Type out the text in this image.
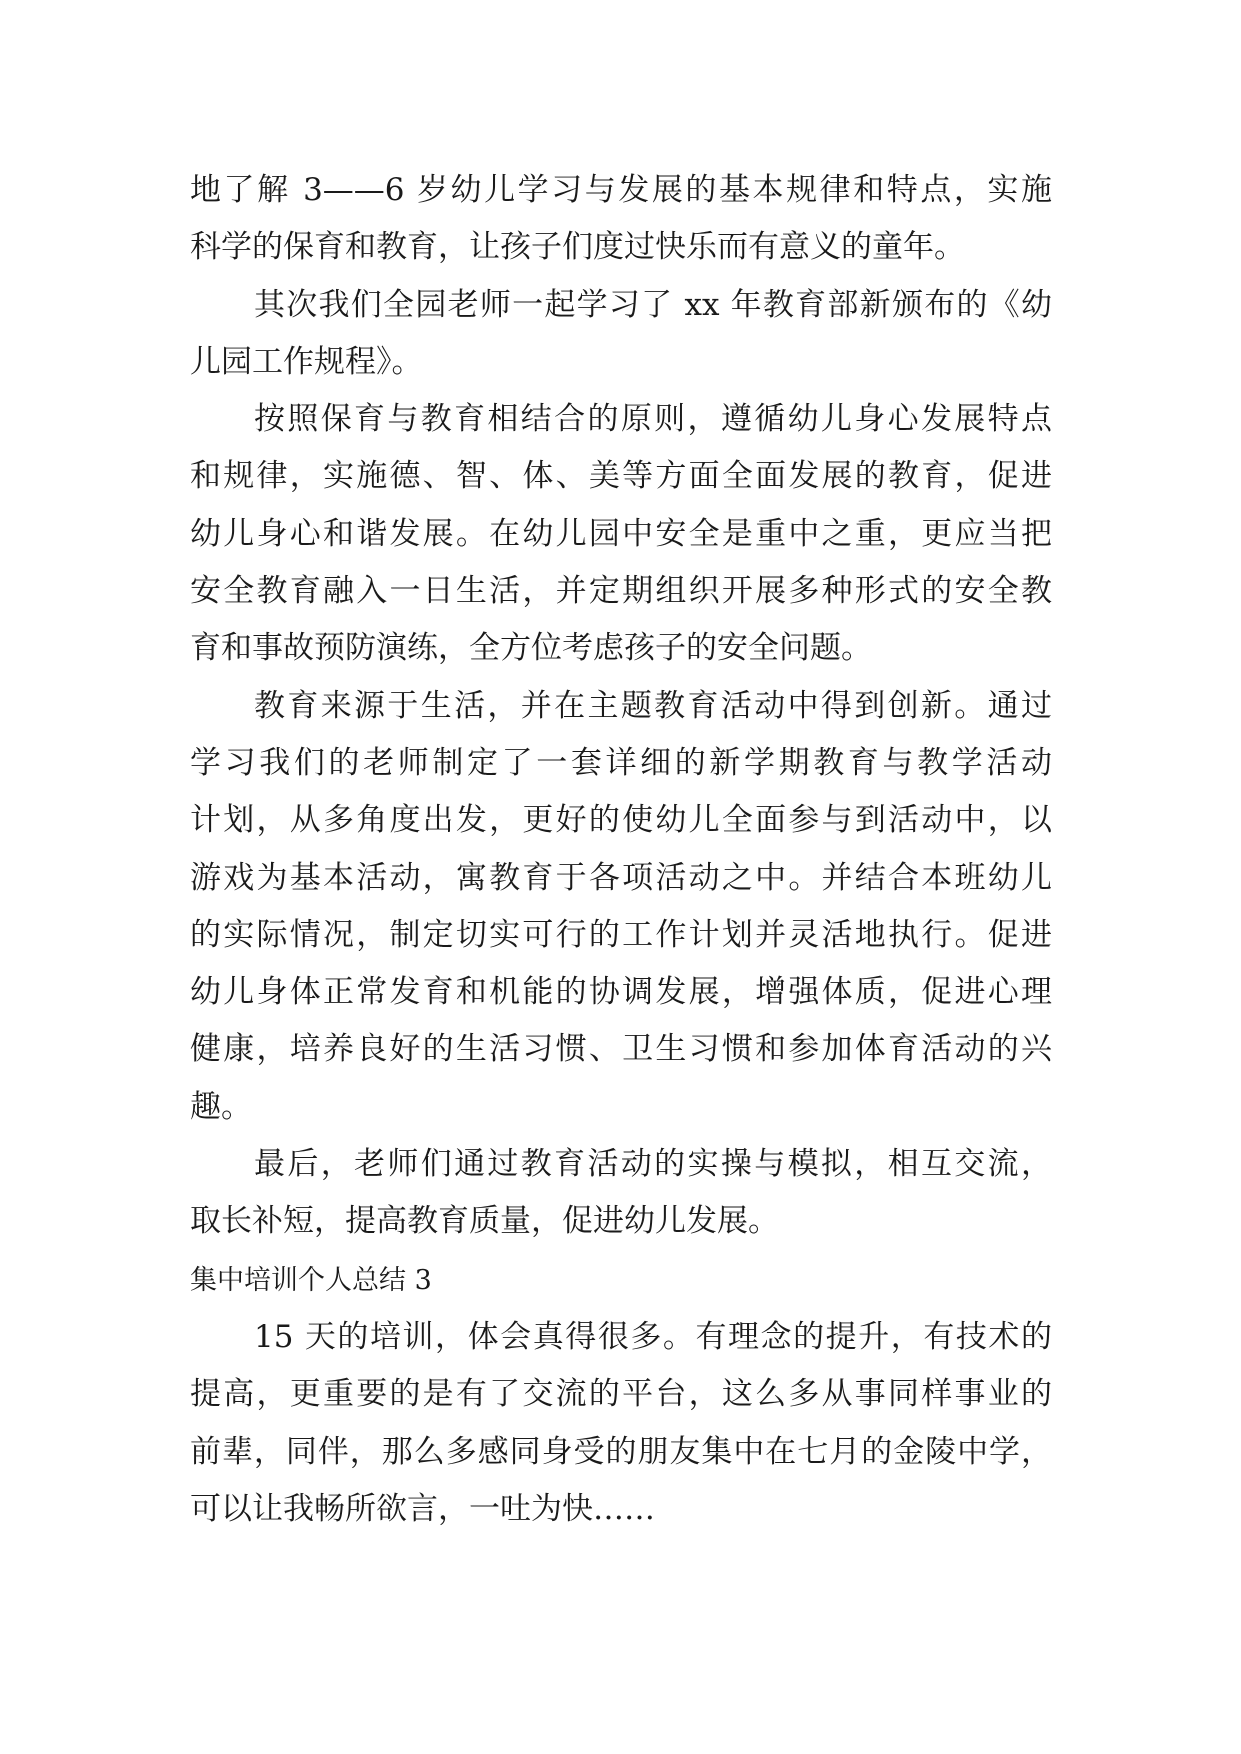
地了解 3——6 岁幼儿学习与发展的基本规律和特点，实施
科学的保育和教育，让孩子们度过快乐而有意义的童年。
其次我们全园老师一起学习了 xx 年教育部新颁布的《幼
儿园工作规程》。
按照保育与教育相结合的原则，遵循幼儿身心发展特点
和规律，实施德、智、体、美等方面全面发展的教育，促进
幼儿身心和谐发展。在幼儿园中安全是重中之重，更应当把
安全教育融入一日生活，并定期组织开展多种形式的安全教
育和事故预防演练，全方位考虑孩子的安全问题。
教育来源于生活，并在主题教育活动中得到创新。通过
学习我们的老师制定了一套详细的新学期教育与教学活动
计划，从多角度出发，更好的使幼儿全面参与到活动中，以
游戏为基本活动，寓教育于各项活动之中。并结合本班幼儿
的实际情况，制定切实可行的工作计划并灵活地执行。促进
幼儿身体正常发育和机能的协调发展，增强体质，促进心理
健康，培养良好的生活习惯、卫生习惯和参加体育活动的兴
趣。
最后，老师们通过教育活动的实操与模拟，相互交流，
取长补短，提高教育质量，促进幼儿发展。
集中培训个人总结 3
15 天的培训，体会真得很多。有理念的提升，有技术的
提高，更重要的是有了交流的平台，这么多从事同样事业的
前辈，同伴，那么多感同身受的朋友集中在七月的金陵中学，
可以让我畅所欲言，一吐为快……
